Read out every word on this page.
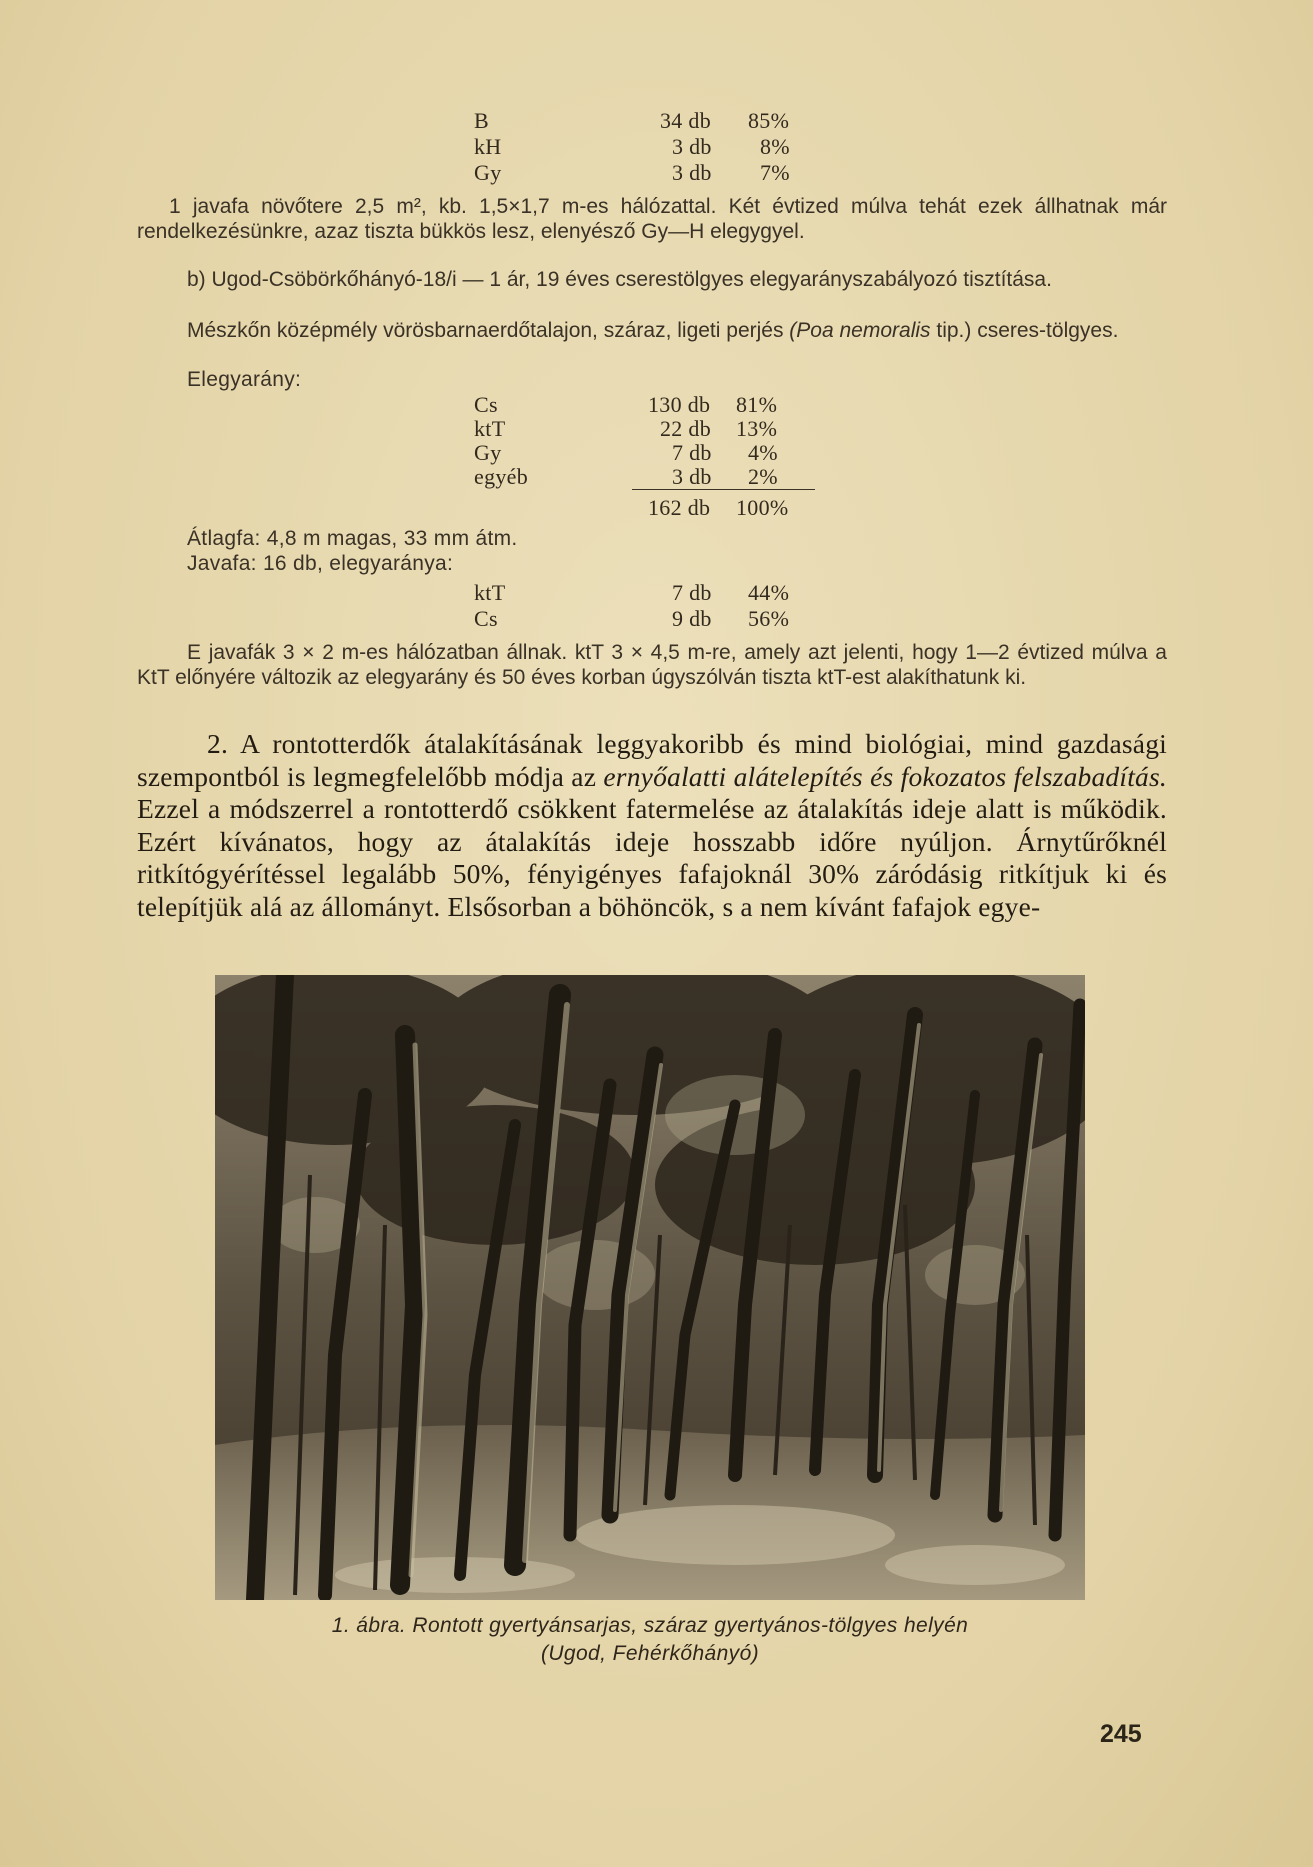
B	34 db 85%
kH	3 db 8%
Gy	3 db 7%
1 javafa növőtere 2,5 m², kb. 1,5×1,7 m-es hálózattal. Két évtized múlva tehát ezek állhatnak már rendelkezésünkre, azaz tiszta bükkös lesz, elenyésző Gy—H elegygyel.
b) Ugod-Csöbörkőhányó-18/i — 1 ár, 19 éves cserestölgyes elegyarányszabályozó tisztítása.
Mészkőn középmély vörösbarnaerdőtalajon, száraz, ligeti perjés (Poa nemoralis tip.) cseres-tölgyes.
Elegyarány:
Cs	130 db 81%
ktT	22 db 13%
Gy	7 db 4%
egyéb	3 db 2%
162 db 100%
Átlagfa: 4,8 m magas, 33 mm átm.
Javafa: 16 db, elegyaránya:
ktT	7 db 44%
Cs	9 db 56%
E javafák 3 × 2 m-es hálózatban állnak. ktT 3 × 4,5 m-re, amely azt jelenti, hogy 1—2 évtized múlva a KtT előnyére változik az elegyarány és 50 éves korban úgyszólván tiszta ktT-est alakíthatunk ki.
2. A rontotterdők átalakításának leggyakoribb és mind biológiai, mind gazdasági szempontból is legmegfelelőbb módja az ernyőalatti alátelepítés és fokozatos felszabadítás. Ezzel a módszerrel a rontotterdő csökkent fatermelése az átalakítás ideje alatt is működik. Ezért kívánatos, hogy az átalakítás ideje hosszabb időre nyúljon. Árnytűrőknél ritkítógyérítéssel legalább 50%, fényigényes fafajoknál 30% záródásig ritkítjuk ki és telepítjük alá az állományt. Elsősorban a böhöncök, s a nem kívánt fafajok egye-
1. ábra. Rontott gyertyánsarjas, száraz gyertyános-tölgyes helyén
(Ugod, Fehérkőhányó)
245
